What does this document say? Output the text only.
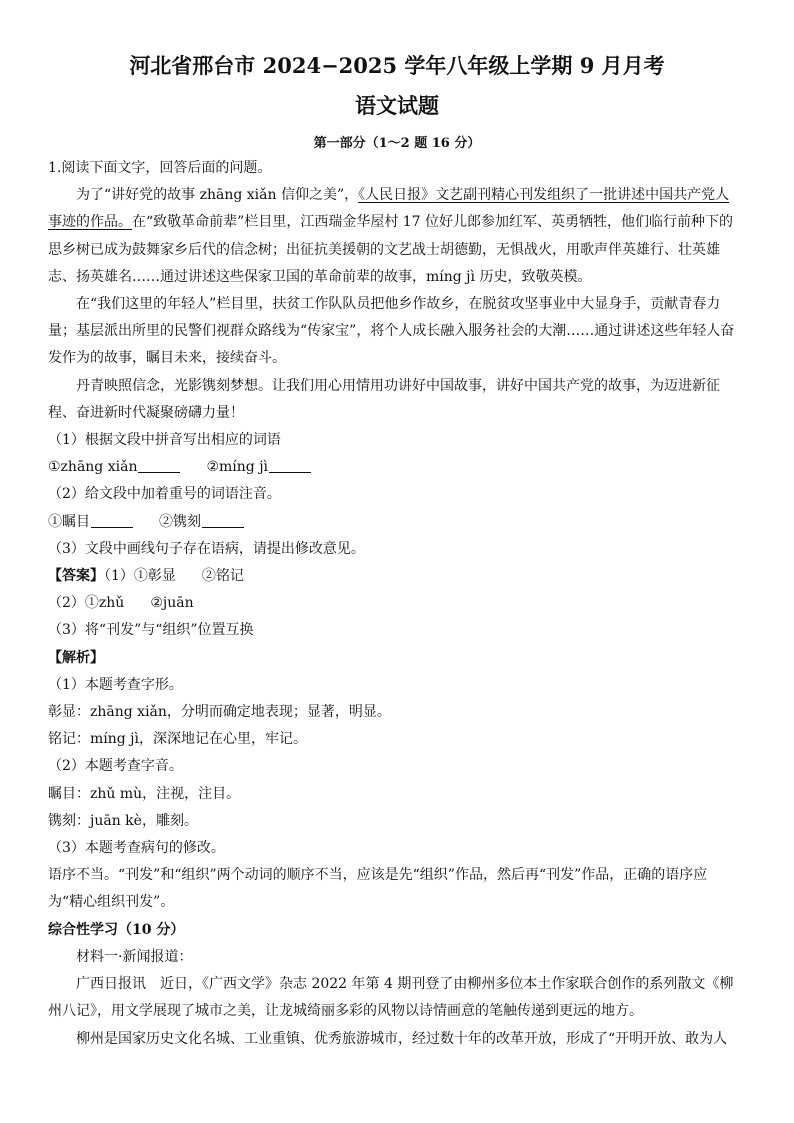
河北省邢台市 2024−2025 学年八年级上学期 9 月月考
语文试题
第一部分（1～2 题 16 分）

1.阅读下面文字，回答后面的问题。

为了“讲好党的故事 zhāng xiǎn 信仰之美”，《人民日报》文艺副刊精心刊发组织了一批讲述中国共产党人事迹的作品。在“致敬革命前辈”栏目里，江西瑞金华屋村 17 位好儿郎参加红军、英勇牺牲，他们临行前种下的思乡树已成为鼓舞家乡后代的信念树；出征抗美援朝的文艺战士胡德勤，无惧战火，用歌声伴英雄行、壮英雄志、扬英雄名……通过讲述这些保家卫国的革命前辈的故事，míng jì 历史，致敬英模。

在“我们这里的年轻人”栏目里，扶贫工作队队员把他乡作故乡，在脱贫攻坚事业中大显身手，贡献青春力量；基层派出所里的民警们视群众路线为“传家宝”，将个人成长融入服务社会的大潮……通过讲述这些年轻人奋发作为的故事，瞩目未来，接续奋斗。

丹青映照信念，光影镌刻梦想。让我们用心用情用功讲好中国故事，讲好中国共产党的故事，为迈进新征程、奋进新时代凝聚磅礴力量！

（1）根据文段中拼音写出相应的词语

①zhāng xiǎn	②míng jì

（2）给文段中加着重号的词语注音。

①瞩目	②镌刻

（3）文段中画线句子存在语病，请提出修改意见。

【答案】（1）①彰显 ②铭记

（2）①zhǔ ②juān

（3）将“刊发”与“组织”位置互换

【解析】

（1）本题考查字形。

彰显：zhāng xiǎn，分明而确定地表现；显著，明显。

铭记：míng jì，深深地记在心里，牢记。

（2）本题考查字音。

瞩目：zhǔ mù，注视，注目。

镌刻：juān kè，雕刻。

（3）本题考查病句的修改。

语序不当。“刊发”和“组织”两个动词的顺序不当，应该是先“组织”作品，然后再“刊发”作品，正确的语序应为“精心组织刊发”。

综合性学习（10 分）

材料一·新闻报道：

广西日报讯　近日，《广西文学》杂志 2022 年第 4 期刊登了由柳州多位本土作家联合创作的系列散文《柳州八记》，用文学展现了城市之美，让龙城绮丽多彩的风物以诗情画意的笔触传递到更远的地方。

柳州是国家历史文化名城、工业重镇、优秀旅游城市，经过数十年的改革开放，形成了“开明开放、敢为人
